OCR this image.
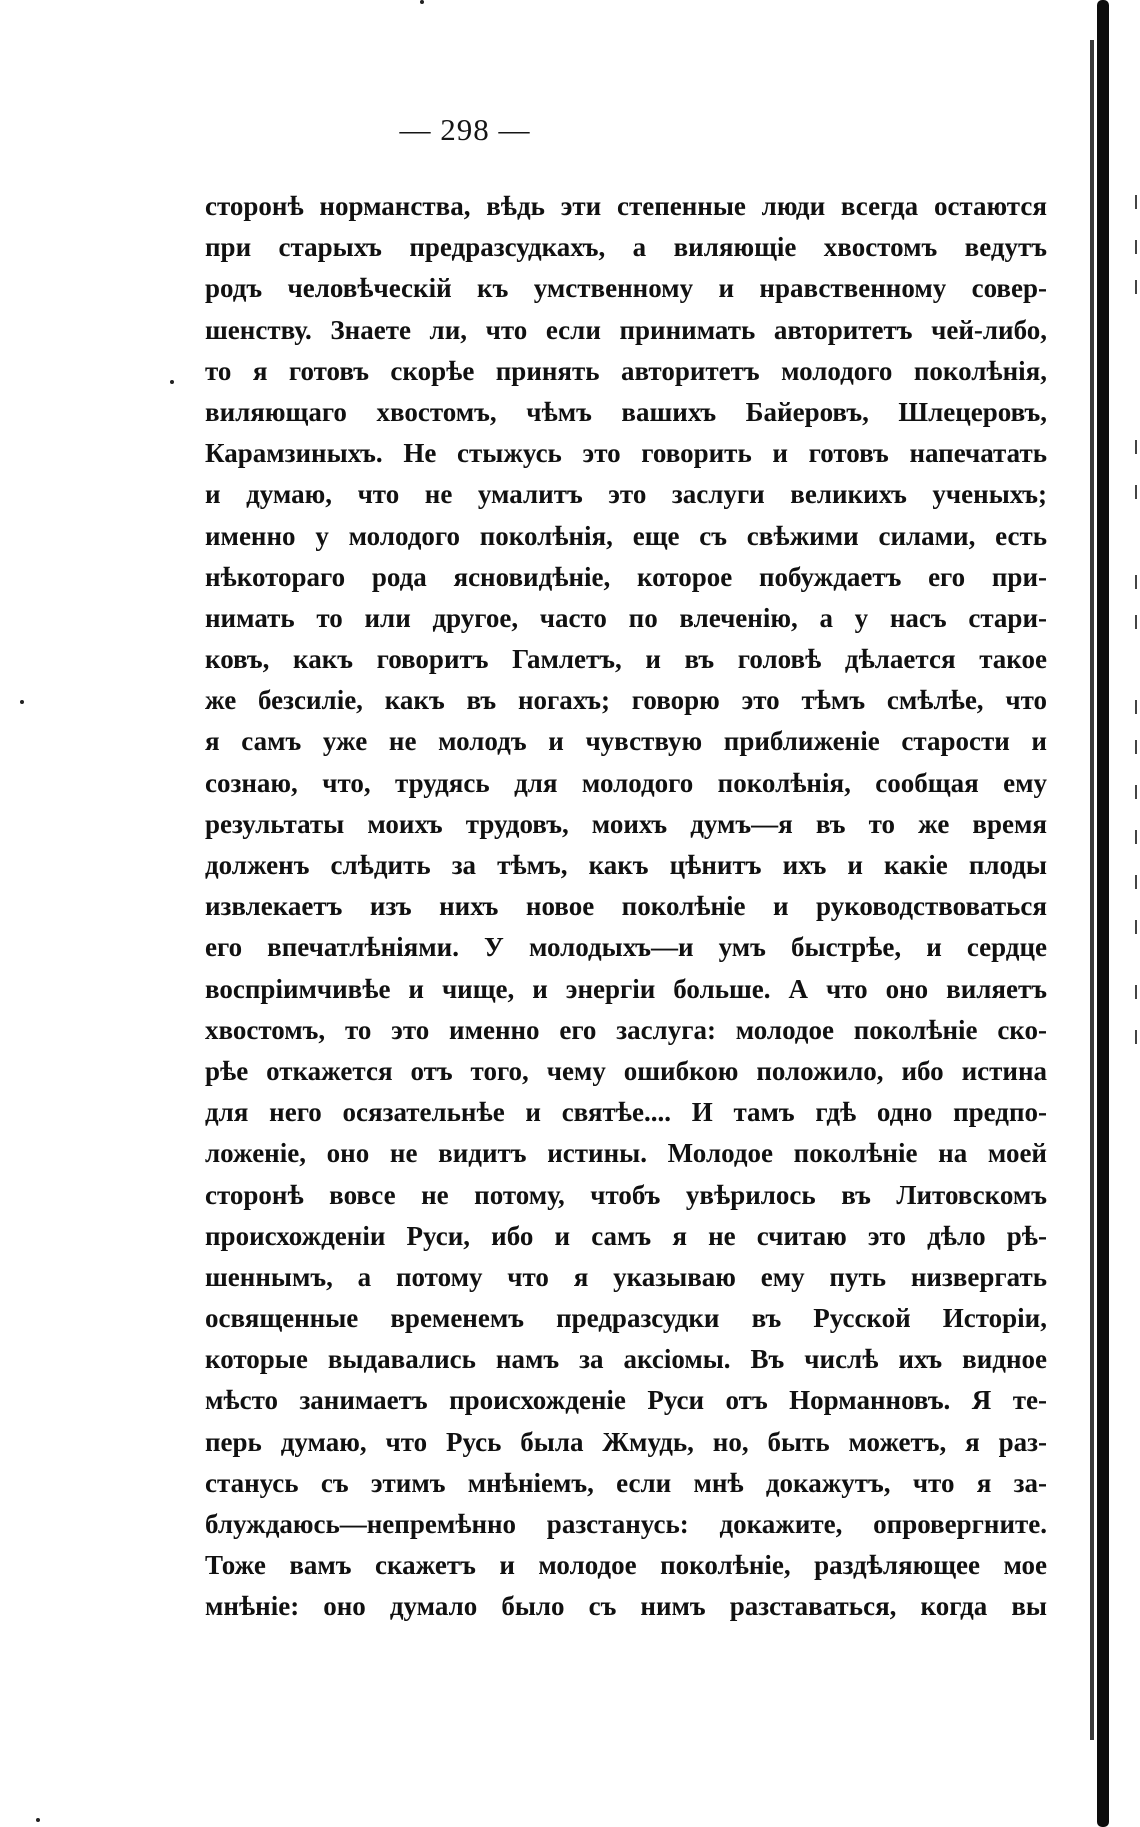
— 298 —
сторонѣ норманства, вѣдь эти степенные люди всегда остаются
при старыхъ предразсудкахъ, а виляющіе хвостомъ ведутъ
родъ человѣческій къ умственному и нравственному совер-
шенству. Знаете ли, что если принимать авторитетъ чей-либо,
то я готовъ скорѣе принять авторитетъ молодого поколѣнія,
виляющаго хвостомъ, чѣмъ вашихъ Байеровъ, Шлецеровъ,
Карамзиныхъ. Не стыжусь это говорить и готовъ напечатать
и думаю, что не умалитъ это заслуги великихъ ученыхъ;
именно у молодого поколѣнія, еще съ свѣжими силами, есть
нѣкотораго рода ясновидѣніе, которое побуждаетъ его при-
нимать то или другое, часто по влеченію, а у насъ стари-
ковъ, какъ говоритъ Гамлетъ, и въ головѣ дѣлается такое
же безсиліе, какъ въ ногахъ; говорю это тѣмъ смѣлѣе, что
я самъ уже не молодъ и чувствую приближеніе старости и
сознаю, что, трудясь для молодого поколѣнія, сообщая ему
результаты моихъ трудовъ, моихъ думъ—я въ то же время
долженъ слѣдить за тѣмъ, какъ цѣнитъ ихъ и какіе плоды
извлекаетъ изъ нихъ новое поколѣніе и руководствоваться
его впечатлѣніями. У молодыхъ—и умъ быстрѣе, и сердце
воспріимчивѣе и чище, и энергіи больше. А что оно виляетъ
хвостомъ, то это именно его заслуга: молодое поколѣніе ско-
рѣе откажется отъ того, чему ошибкою положило, ибо истина
для него осязательнѣе и святѣе.... И тамъ гдѣ одно предпо-
ложеніе, оно не видитъ истины. Молодое поколѣніе на моей
сторонѣ вовсе не потому, чтобъ увѣрилось въ Литовскомъ
происхожденіи Руси, ибо и самъ я не считаю это дѣло рѣ-
шеннымъ, а потому что я указываю ему путь низвергать
освященные временемъ предразсудки въ Русской Исторіи,
которые выдавались намъ за аксіомы. Въ числѣ ихъ видное
мѣсто занимаетъ происхожденіе Руси отъ Норманновъ. Я те-
перь думаю, что Русь была Жмудь, но, быть можетъ, я раз-
станусь съ этимъ мнѣніемъ, если мнѣ докажутъ, что я за-
блуждаюсь—непремѣнно разстанусь: докажите, опровергните.
Тоже вамъ скажетъ и молодое поколѣніе, раздѣляющее мое
мнѣніе: оно думало было съ нимъ разставаться, когда вы
